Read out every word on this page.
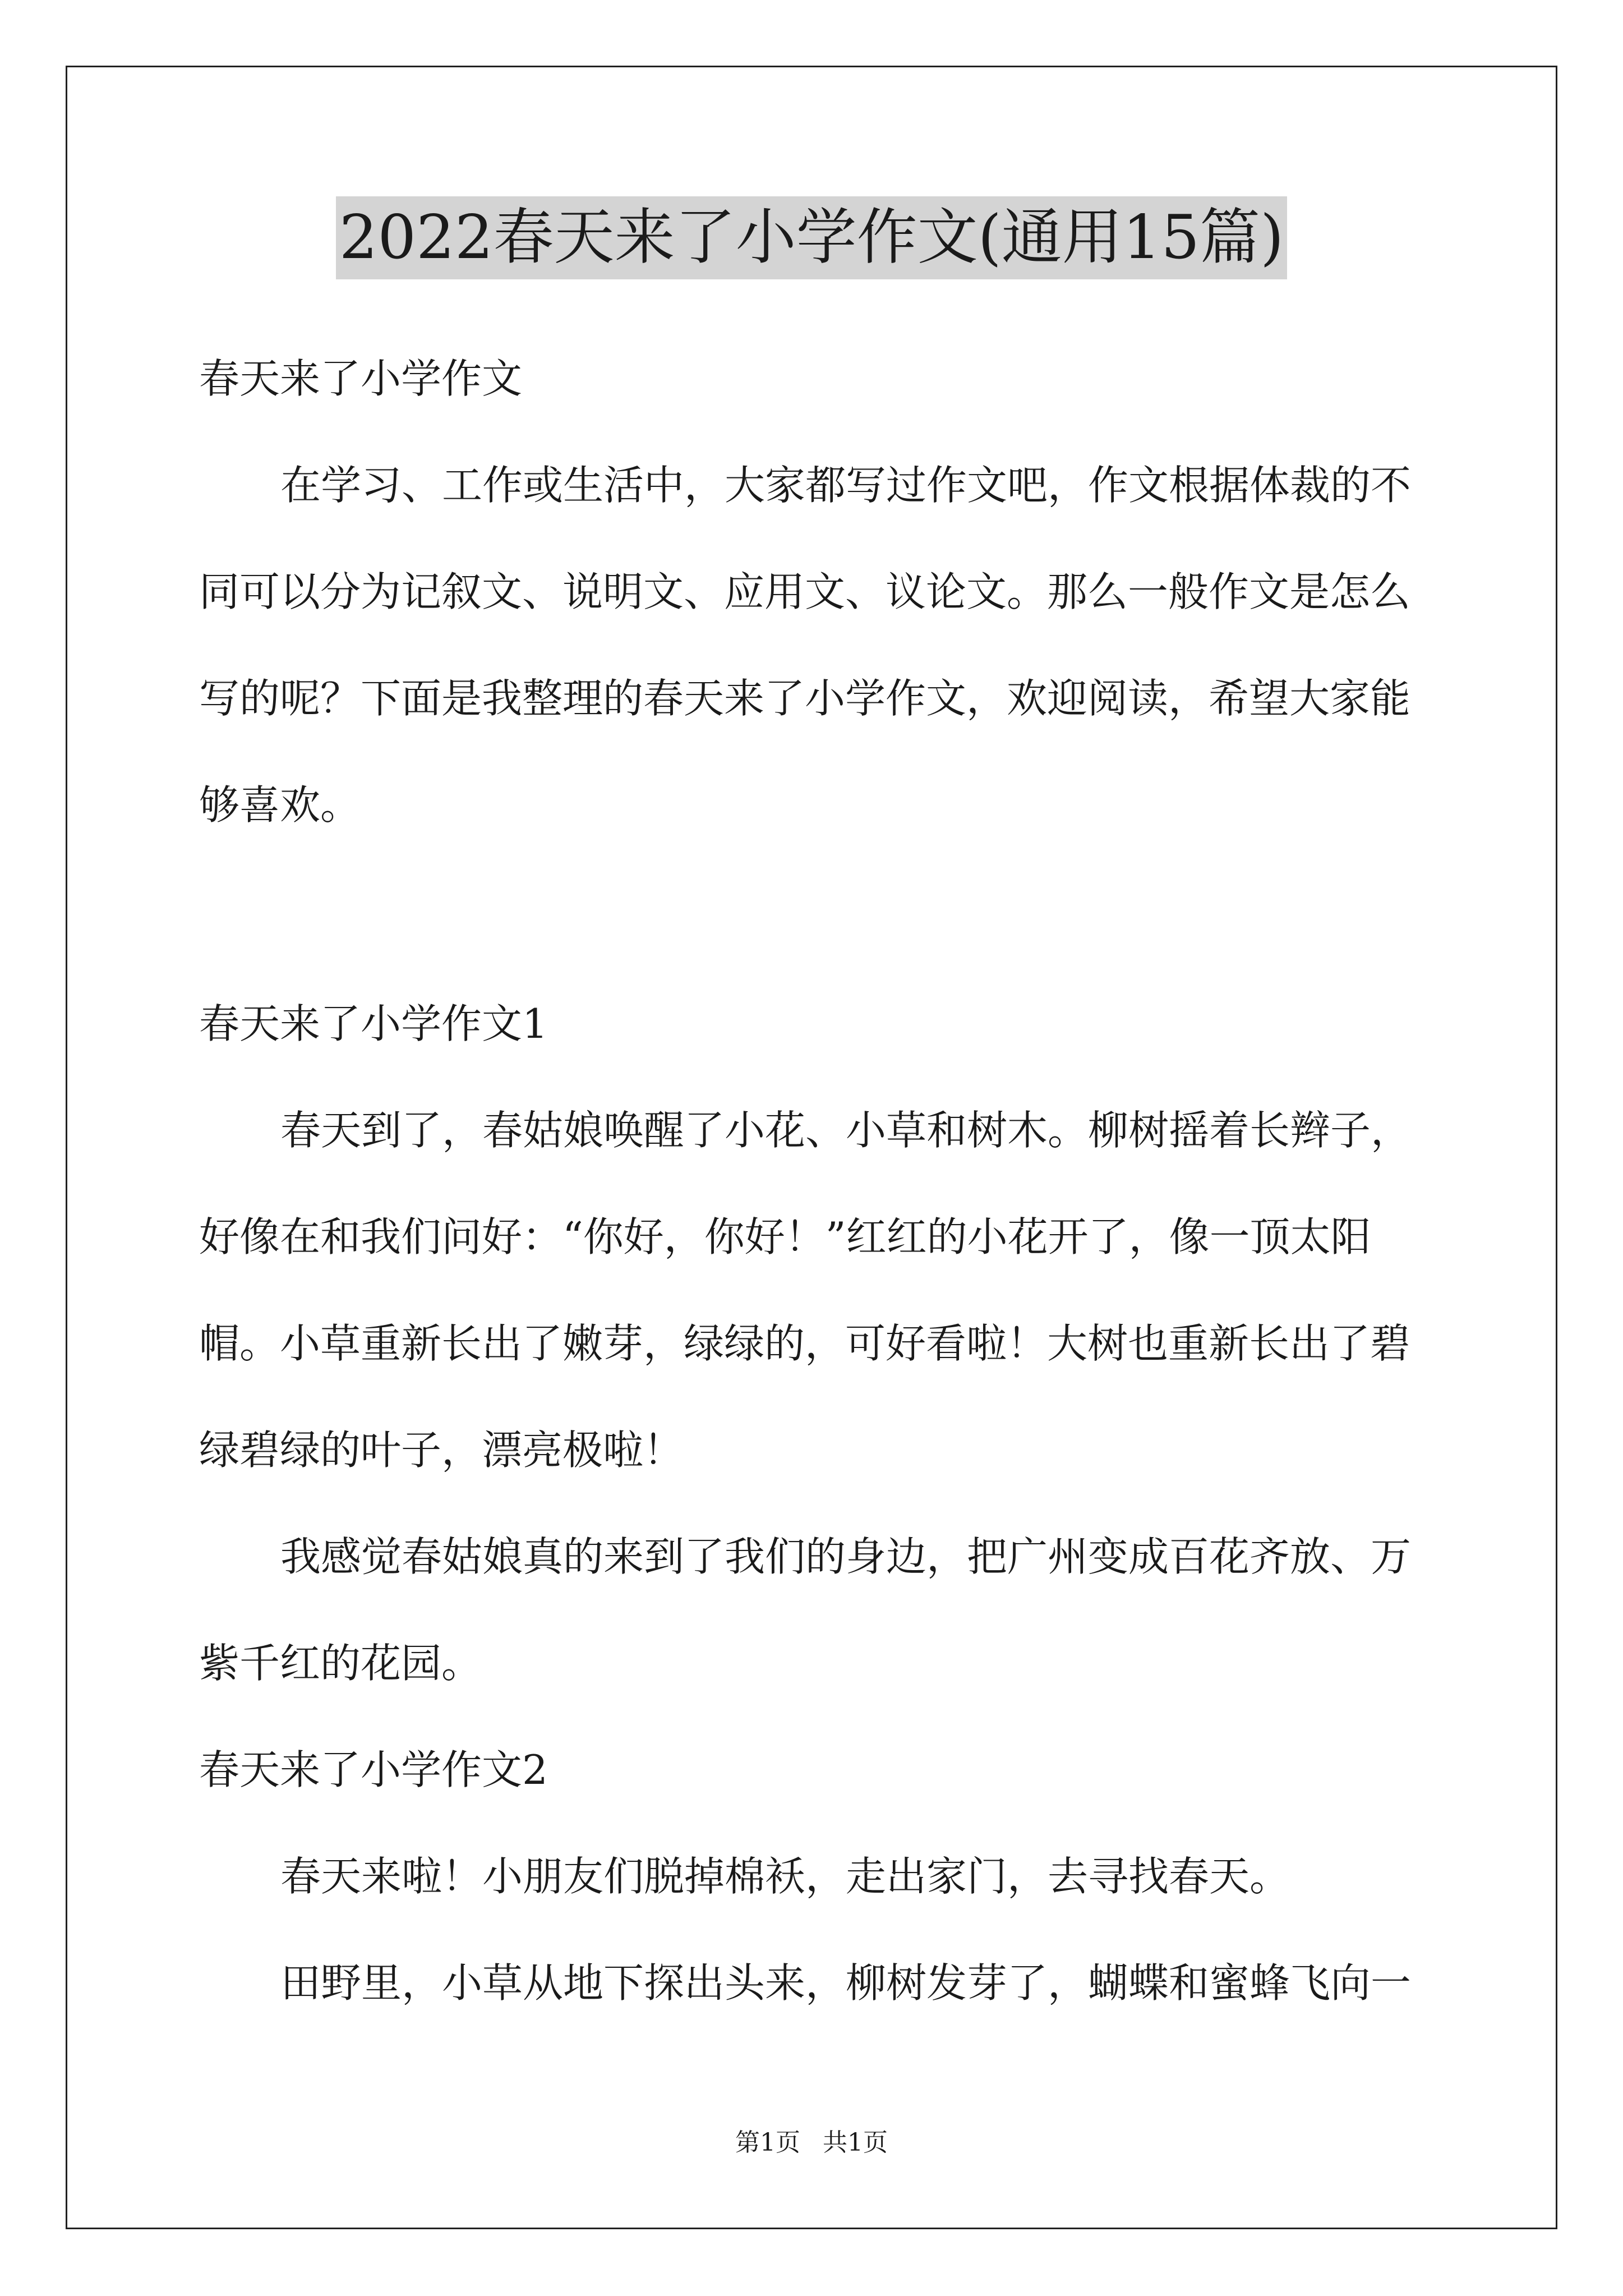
2022春天来了小学作文(通用15篇)
春天来了小学作文
在学习、工作或生活中，大家都写过作文吧，作文根据体裁的不
同可以分为记叙文、说明文、应用文、议论文。那么一般作文是怎么
写的呢？下面是我整理的春天来了小学作文，欢迎阅读，希望大家能
够喜欢。
春天来了小学作文1
春天到了，春姑娘唤醒了小花、小草和树木。柳树摇着长辫子，
好像在和我们问好：“你好，你好！”红红的小花开了，像一顶太阳
帽。小草重新长出了嫩芽，绿绿的，可好看啦！大树也重新长出了碧
绿碧绿的叶子，漂亮极啦！
我感觉春姑娘真的来到了我们的身边，把广州变成百花齐放、万
紫千红的花园。
春天来了小学作文2
春天来啦！小朋友们脱掉棉袄，走出家门，去寻找春天。
田野里，小草从地下探出头来，柳树发芽了，蝴蝶和蜜蜂飞向一
第1页 共1页
